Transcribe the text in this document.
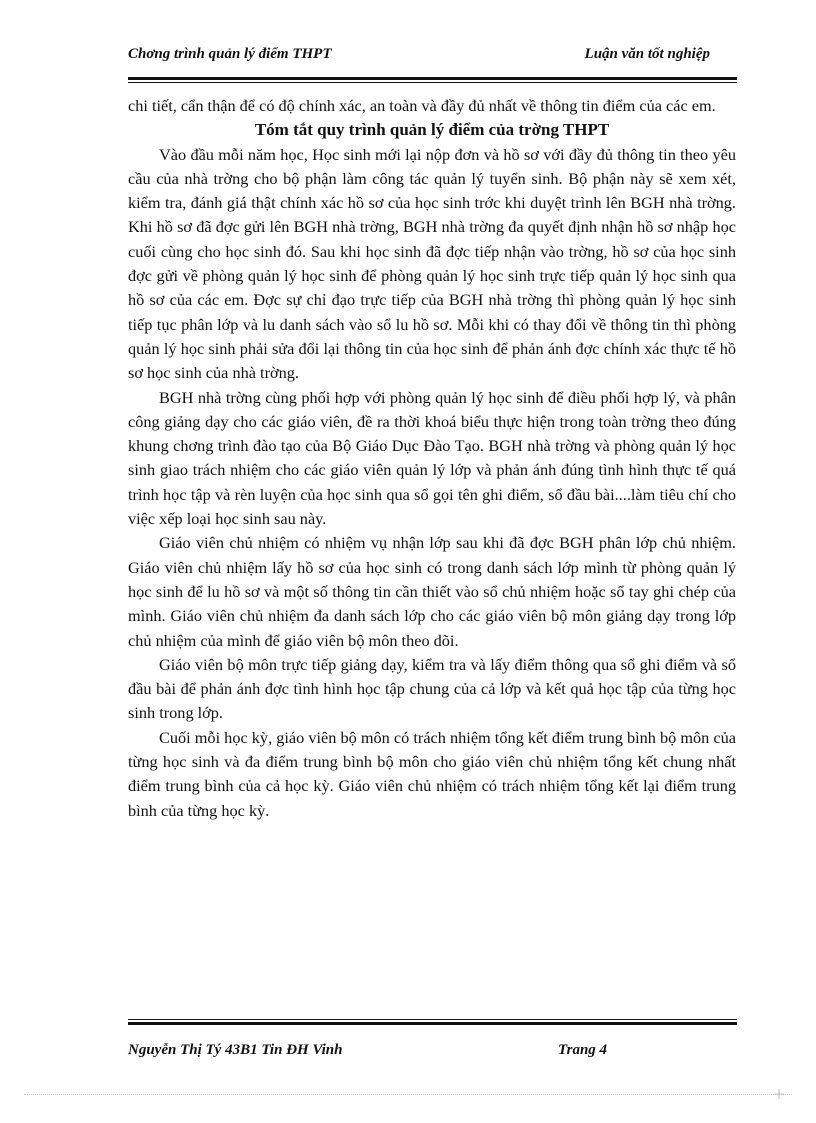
Chơng trình quản lý điểm THPT	Luận văn tốt nghiệp

chi tiết, cẩn thận để có độ chính xác, an toàn và đầy đủ nhất về thông tin điểm của các em.

Tóm tắt quy trình quản lý điểm của trờng THPT

Vào đầu mỗi năm học, Học sinh mới lại nộp đơn và hồ sơ với đầy đủ thông tin theo yêu cầu của nhà trờng cho bộ phận làm công tác quản lý tuyển sinh. Bộ phận này sẽ xem xét, kiểm tra, đánh giá thật chính xác hồ sơ của học sinh trớc khi duyệt trình lên BGH nhà trờng. Khi hồ sơ đã đợc gửi lên BGH nhà trờng, BGH nhà trờng đa quyết định nhận hồ sơ nhập học cuối cùng cho học sinh đó. Sau khi học sinh đã đợc tiếp nhận vào trờng, hồ sơ của học sinh đợc gửi về phòng quản lý học sinh để phòng quản lý học sinh trực tiếp quản lý học sinh qua hồ sơ của các em. Đợc sự chỉ đạo trực tiếp của BGH nhà trờng thì phòng quản lý học sinh tiếp tục phân lớp và lu danh sách vào sổ lu hồ sơ. Mỗi khi có thay đổi về thông tin thì phòng quản lý học sinh phải sửa đổi lại thông tin của học sinh để phản ánh đợc chính xác thực tế hồ sơ học sinh của nhà trờng.

BGH nhà trờng cùng phối hợp với phòng quản lý học sinh để điều phối hợp lý, và phân công giảng dạy cho các giáo viên, đề ra thời khoá biểu thực hiện trong toàn trờng theo đúng khung chơng trình đào tạo của Bộ Giáo Dục Đào Tạo. BGH nhà trờng và phòng quản lý học sinh giao trách nhiệm cho các giáo viên quản lý lớp và phản ánh đúng tình hình thực tế quá trình học tập và rèn luyện của học sinh qua sổ gọi tên ghi điểm, sổ đầu bài....làm tiêu chí cho việc xếp loại học sinh sau này.

Giáo viên chủ nhiệm có nhiệm vụ nhận lớp sau khi đã đợc BGH phân lớp chủ nhiệm. Giáo viên chủ nhiệm lấy hồ sơ của học sinh có trong danh sách lớp mình từ phòng quản lý học sinh để lu hồ sơ và một số thông tin cần thiết vào sổ chủ nhiệm hoặc sổ tay ghi chép của mình. Giáo viên chủ nhiệm đa danh sách lớp cho các giáo viên bộ môn giảng dạy trong lớp chủ nhiệm của mình để giáo viên bộ môn theo dõi.

Giáo viên bộ môn trực tiếp giảng dạy, kiểm tra và lấy điểm thông qua sổ ghi điểm và sổ đầu bài để phản ánh đợc tình hình học tập chung của cả lớp và kết quả học tập của từng học sinh trong lớp.

Cuối mỗi học kỳ, giáo viên bộ môn có trách nhiệm tổng kết điểm trung bình bộ môn của từng học sinh và đa điểm trung bình bộ môn cho giáo viên chủ nhiệm tổng kết chung nhất điểm trung bình của cả học kỳ. Giáo viên chủ nhiệm có trách nhiệm tổng kết lại điểm trung bình của từng học kỳ.

Nguyễn Thị Tý 43B1 Tin ĐH Vinh	Trang 4
